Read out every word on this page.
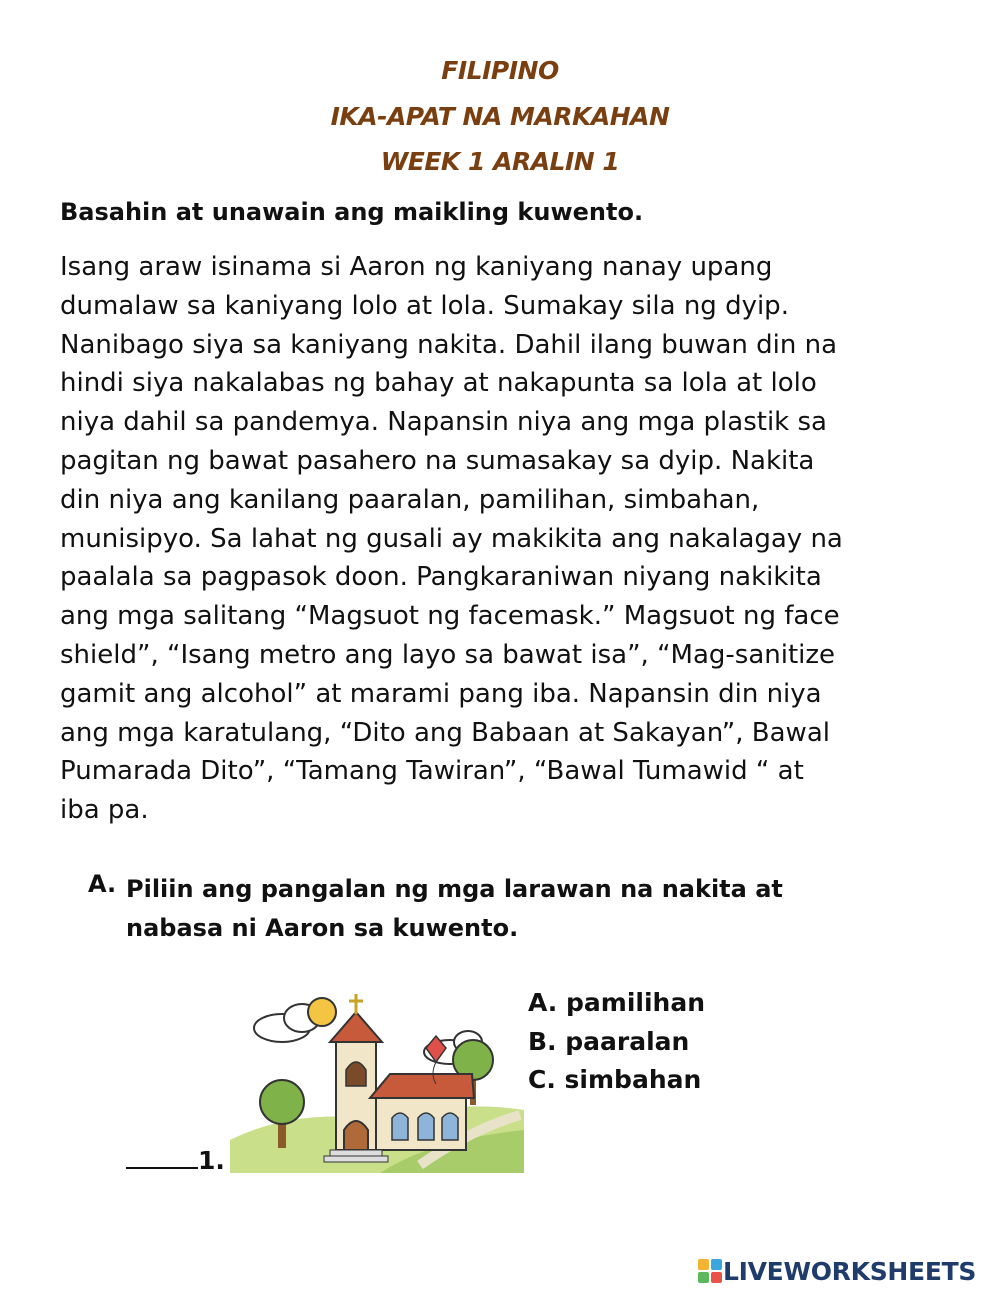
FILIPINO
IKA-APAT NA MARKAHAN
WEEK 1 ARALIN 1
Basahin at unawain ang maikling kuwento.

Isang araw isinama si Aaron ng kaniyang nanay upang
dumalaw sa kaniyang lolo at lola. Sumakay sila ng dyip.
Nanibago siya sa kaniyang nakita. Dahil ilang buwan din na
hindi siya nakalabas ng bahay at nakapunta sa lola at lolo
niya dahil sa pandemya. Napansin niya ang mga plastik sa
pagitan ng bawat pasahero na sumasakay sa dyip. Nakita
din niya ang kanilang paaralan, pamilihan, simbahan,
munisipyo. Sa lahat ng gusali ay makikita ang nakalagay na
paalala sa pagpasok doon. Pangkaraniwan niyang nakikita
ang mga salitang “Magsuot ng facemask.” Magsuot ng face
shield”, “Isang metro ang layo sa bawat isa”, “Mag-sanitize
gamit ang alcohol” at marami pang iba. Napansin din niya
ang mga karatulang, “Dito ang Babaan at Sakayan”, Bawal
Pumarada Dito”, “Tamang Tawiran”, “Bawal Tumawid “ at
iba pa.

A. Piliin ang pangalan ng mga larawan na nakita at
nabasa ni Aaron sa kuwento.
A. pamilihan
B. paaralan
C. simbahan
1.
LIVEWORKSHEETS
